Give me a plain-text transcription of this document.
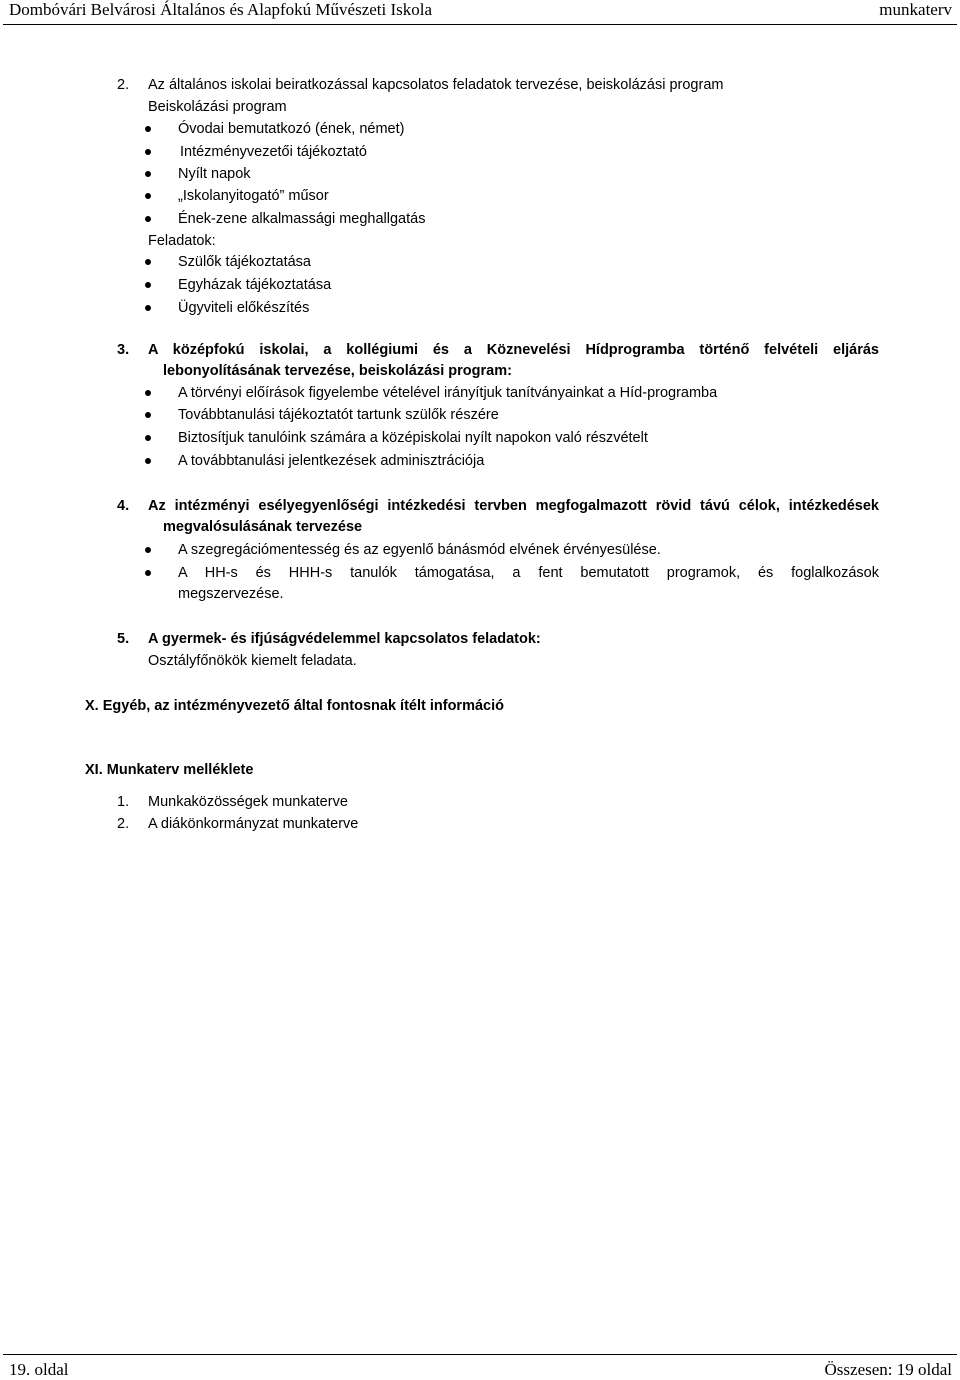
Dombóvári Belvárosi Általános és Alapfokú Művészeti Iskola	munkaterv
2. Az általános iskolai beiratkozással kapcsolatos feladatok tervezése, beiskolázási program
Beiskolázási program
Óvodai bemutatkozó (ének, német)
Intézményvezetői tájékoztató
Nyílt napok
„Iskolanyitogató” műsor
Ének-zene alkalmassági meghallgatás
Feladatok:
Szülők tájékoztatása
Egyházak tájékoztatása
Ügyviteli előkészítés
3. A középfokú iskolai, a kollégiumi és a Köznevelési Hídprogramba történő felvételi eljárás
lebonyolításának tervezése, beiskolázási program:
A törvényi előírások figyelembe vételével irányítjuk tanítványainkat a Híd-programba
Továbbtanulási tájékoztatót tartunk szülők részére
Biztosítjuk tanulóink számára a középiskolai nyílt napokon való részvételt
A továbbtanulási jelentkezések adminisztrációja
4. Az intézményi esélyegyenlőségi intézkedési tervben megfogalmazott rövid távú célok, intézkedések
megvalósulásának tervezése
A szegregációmentesség és az egyenlő bánásmód elvének érvényesülése.
A HH-s és HHH-s tanulók támogatása, a fent bemutatott programok, és foglalkozások
megszervezése.
5. A gyermek- és ifjúságvédelemmel kapcsolatos feladatok:
Osztályfőnökök kiemelt feladata.
X. Egyéb, az intézményvezető által fontosnak ítélt információ
XI. Munkaterv melléklete
1. Munkaközösségek munkaterve
2. A diákönkormányzat munkaterve
19. oldal	Összesen: 19 oldal
